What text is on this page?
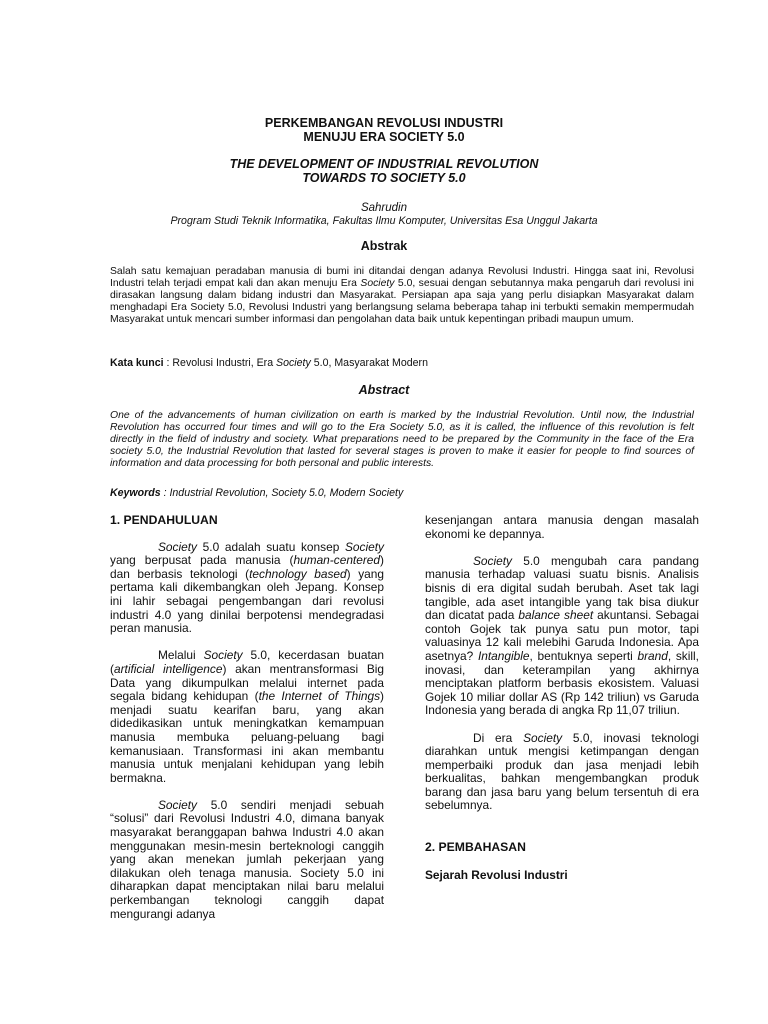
PERKEMBANGAN REVOLUSI INDUSTRI
MENUJU ERA SOCIETY 5.0
THE DEVELOPMENT OF INDUSTRIAL REVOLUTION
TOWARDS TO SOCIETY 5.0
Sahrudin
Program Studi Teknik Informatika, Fakultas Ilmu Komputer, Universitas Esa Unggul Jakarta
Abstrak
Salah satu kemajuan peradaban manusia di bumi ini ditandai dengan adanya Revolusi Industri. Hingga saat ini, Revolusi Industri telah terjadi empat kali dan akan menuju Era Society 5.0, sesuai dengan sebutannya maka pengaruh dari revolusi ini dirasakan langsung dalam bidang industri dan Masyarakat. Persiapan apa saja yang perlu disiapkan Masyarakat dalam menghadapi Era Society 5.0, Revolusi Industri yang berlangsung selama beberapa tahap ini terbukti semakin mempermudah Masyarakat untuk mencari sumber informasi dan pengolahan data baik untuk kepentingan pribadi maupun umum.
Kata kunci : Revolusi Industri, Era Society 5.0, Masyarakat Modern
Abstract
One of the advancements of human civilization on earth is marked by the Industrial Revolution. Until now, the Industrial Revolution has occurred four times and will go to the Era Society 5.0, as it is called, the influence of this revolution is felt directly in the field of industry and society. What preparations need to be prepared by the Community in the face of the Era society 5.0, the Industrial Revolution that lasted for several stages is proven to make it easier for people to find sources of information and data processing for both personal and public interests.
Keywords : Industrial Revolution, Society 5.0, Modern Society
1. PENDAHULUAN

Society 5.0 adalah suatu konsep Society yang berpusat pada manusia (human-centered) dan berbasis teknologi (technology based) yang pertama kali dikembangkan oleh Jepang. Konsep ini lahir sebagai pengembangan dari revolusi industri 4.0 yang dinilai berpotensi mendegradasi peran manusia.

Melalui Society 5.0, kecerdasan buatan (artificial intelligence) akan mentransformasi Big Data yang dikumpulkan melalui internet pada segala bidang kehidupan (the Internet of Things) menjadi suatu kearifan baru, yang akan didedikasikan untuk meningkatkan kemampuan manusia membuka peluang-peluang bagi kemanusiaan. Transformasi ini akan membantu manusia untuk menjalani kehidupan yang lebih bermakna.

Society 5.0 sendiri menjadi sebuah “solusi” dari Revolusi Industri 4.0, dimana banyak masyarakat beranggapan bahwa Industri 4.0 akan menggunakan mesin-mesin berteknologi canggih yang akan menekan jumlah pekerjaan yang dilakukan oleh tenaga manusia. Society 5.0 ini diharapkan dapat menciptakan nilai baru melalui perkembangan teknologi canggih dapat mengurangi adanya

kesenjangan antara manusia dengan masalah ekonomi ke depannya.

Society 5.0 mengubah cara pandang manusia terhadap valuasi suatu bisnis. Analisis bisnis di era digital sudah berubah. Aset tak lagi tangible, ada aset intangible yang tak bisa diukur dan dicatat pada balance sheet akuntansi. Sebagai contoh Gojek tak punya satu pun motor, tapi valuasinya 12 kali melebihi Garuda Indonesia. Apa asetnya? Intangible, bentuknya seperti brand, skill, inovasi, dan keterampilan yang akhirnya menciptakan platform berbasis ekosistem. Valuasi Gojek 10 miliar dollar AS (Rp 142 triliun) vs Garuda Indonesia yang berada di angka Rp 11,07 triliun.

Di era Society 5.0, inovasi teknologi diarahkan untuk mengisi ketimpangan dengan memperbaiki produk dan jasa menjadi lebih berkualitas, bahkan mengembangkan produk barang dan jasa baru yang belum tersentuh di era sebelumnya.

2. PEMBAHASAN
Sejarah Revolusi Industri
